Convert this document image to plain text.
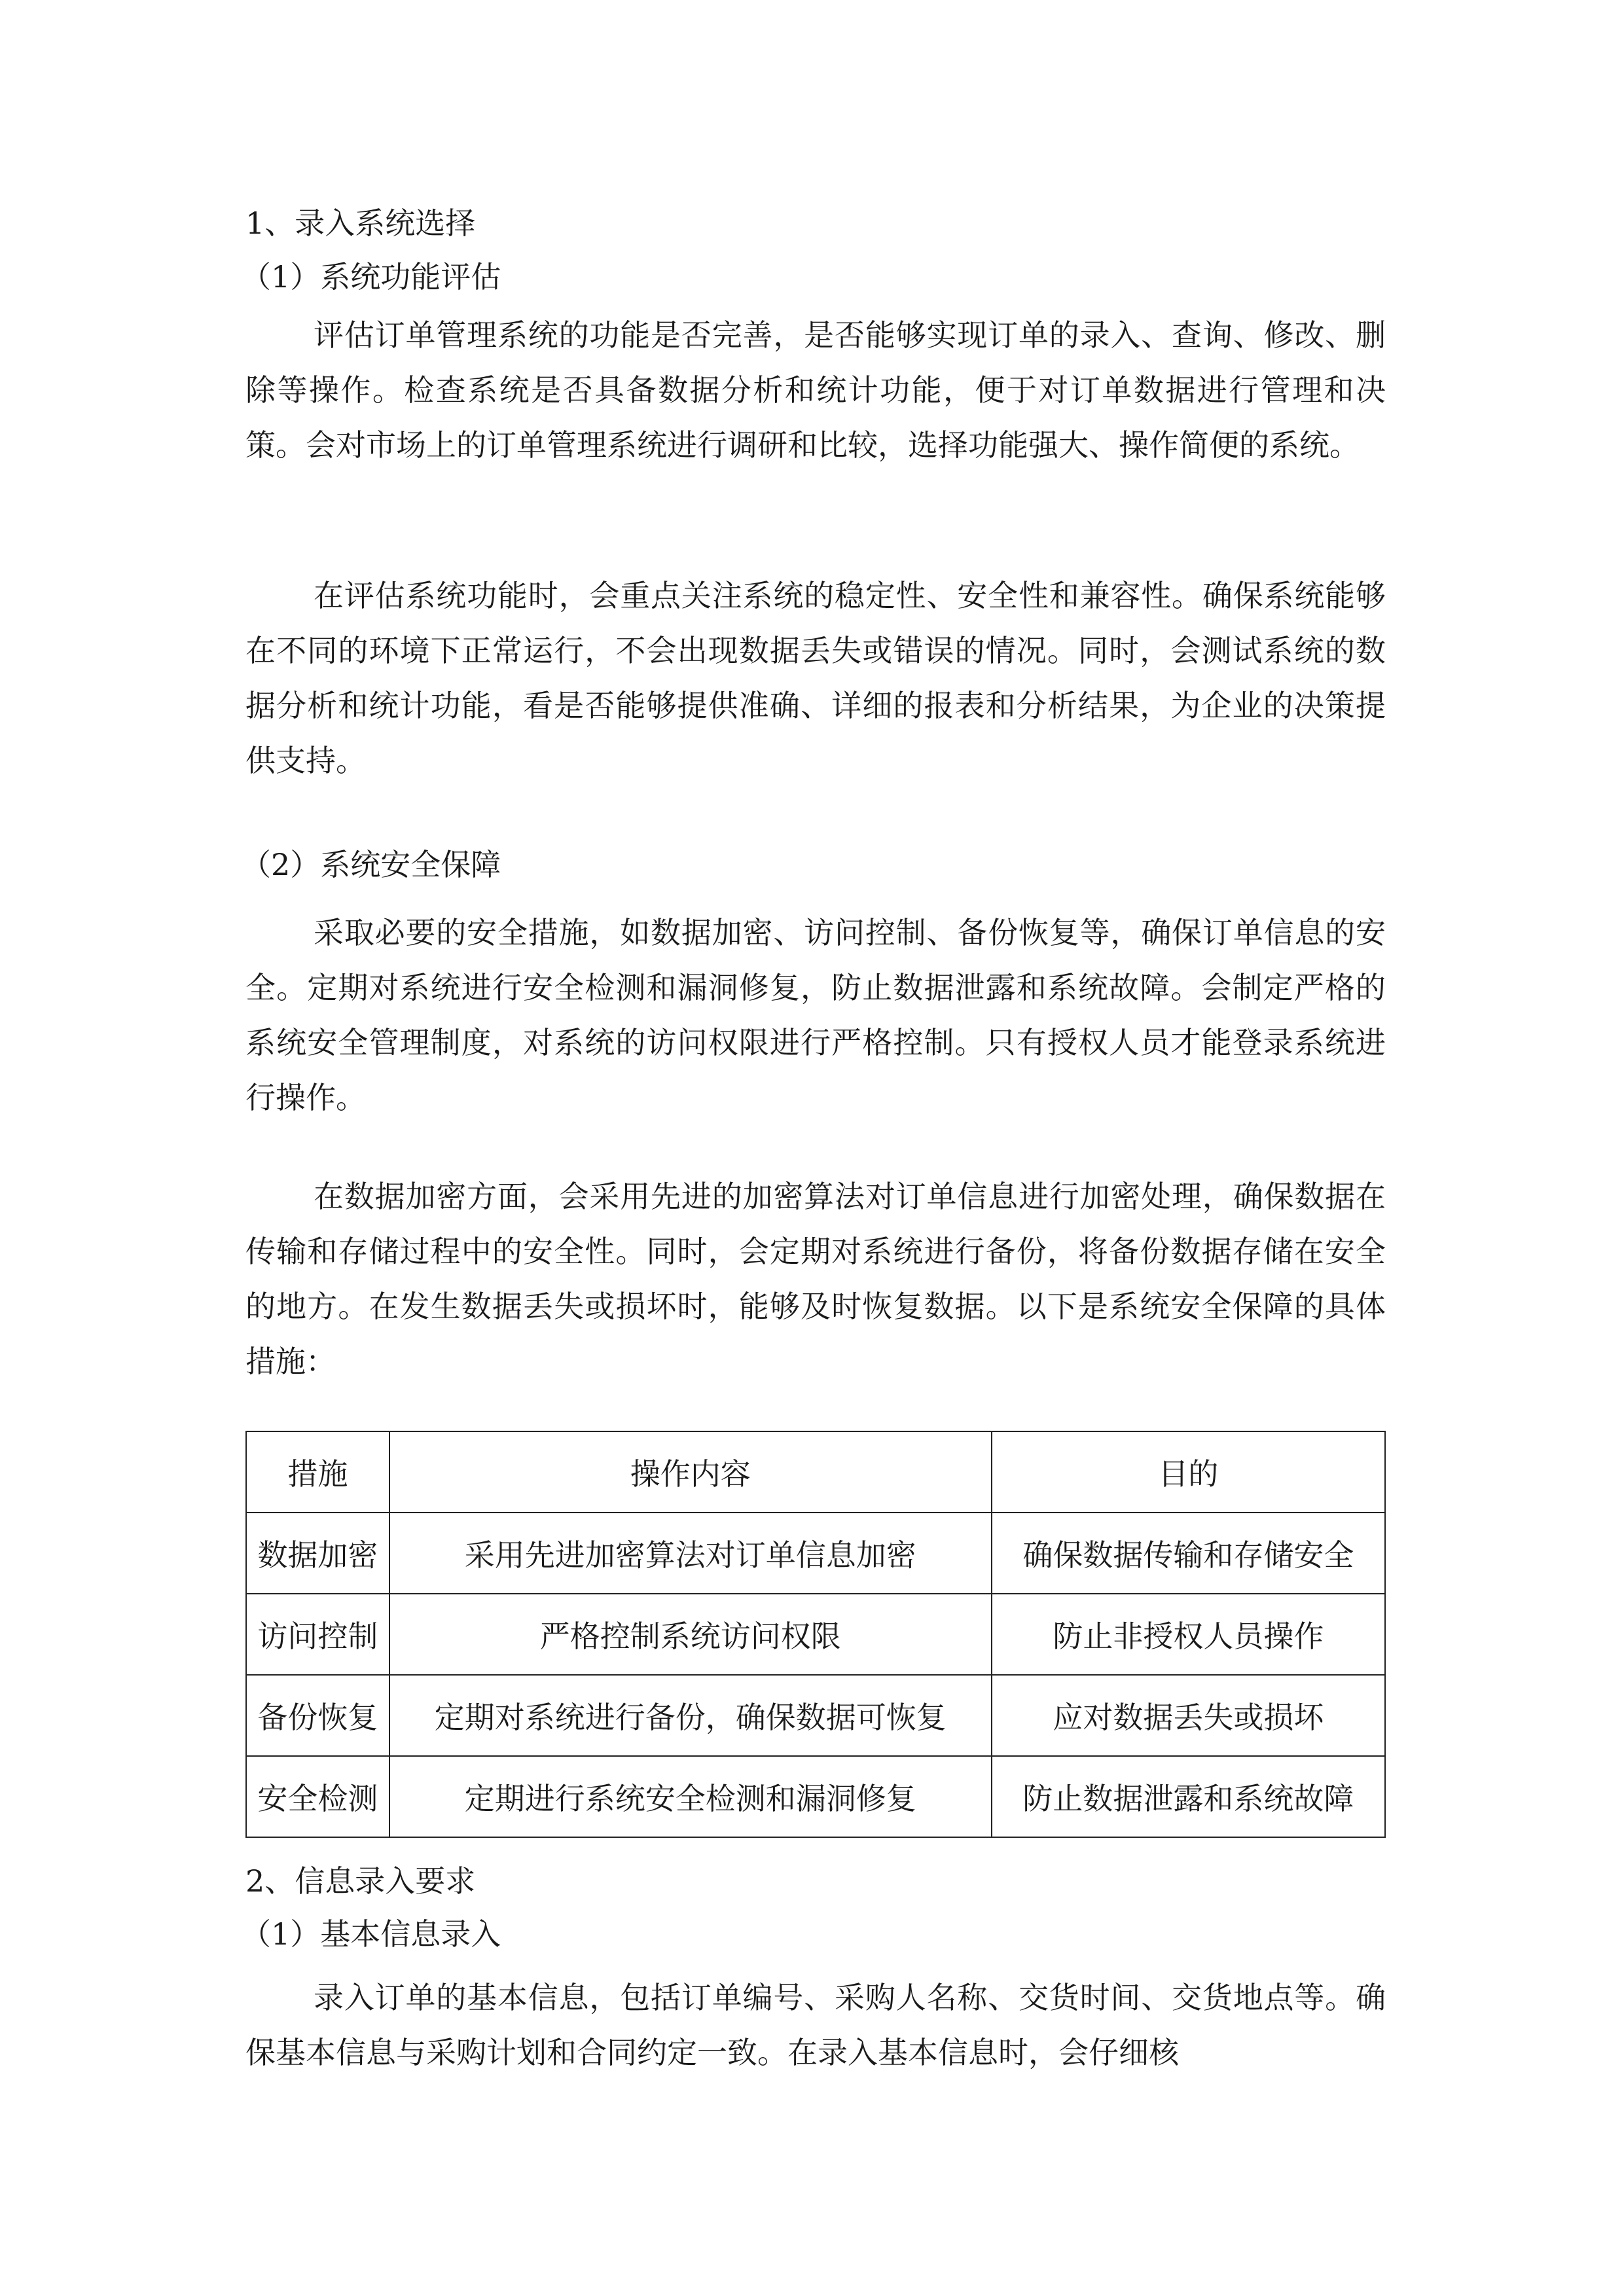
1、录入系统选择
（1）系统功能评估

评估订单管理系统的功能是否完善，是否能够实现订单的录入、查询、修改、删除等操作。检查系统是否具备数据分析和统计功能，便于对订单数据进行管理和决策。会对市场上的订单管理系统进行调研和比较，选择功能强大、操作简便的系统。

在评估系统功能时，会重点关注系统的稳定性、安全性和兼容性。确保系统能够在不同的环境下正常运行，不会出现数据丢失或错误的情况。同时，会测试系统的数据分析和统计功能，看是否能够提供准确、详细的报表和分析结果，为企业的决策提供支持。

（2）系统安全保障

采取必要的安全措施，如数据加密、访问控制、备份恢复等，确保订单信息的安全。定期对系统进行安全检测和漏洞修复，防止数据泄露和系统故障。会制定严格的系统安全管理制度，对系统的访问权限进行严格控制。只有授权人员才能登录系统进行操作。

在数据加密方面，会采用先进的加密算法对订单信息进行加密处理，确保数据在传输和存储过程中的安全性。同时，会定期对系统进行备份，将备份数据存储在安全的地方。在发生数据丢失或损坏时，能够及时恢复数据。以下是系统安全保障的具体措施：

措施	操作内容	目的
数据加密	采用先进加密算法对订单信息加密	确保数据传输和存储安全
访问控制	严格控制系统访问权限	防止非授权人员操作
备份恢复	定期对系统进行备份，确保数据可恢复	应对数据丢失或损坏
安全检测	定期进行系统安全检测和漏洞修复	防止数据泄露和系统故障
2、信息录入要求
（1）基本信息录入

录入订单的基本信息，包括订单编号、采购人名称、交货时间、交货地点等。确保基本信息与采购计划和合同约定一致。在录入基本信息时，会仔细核
